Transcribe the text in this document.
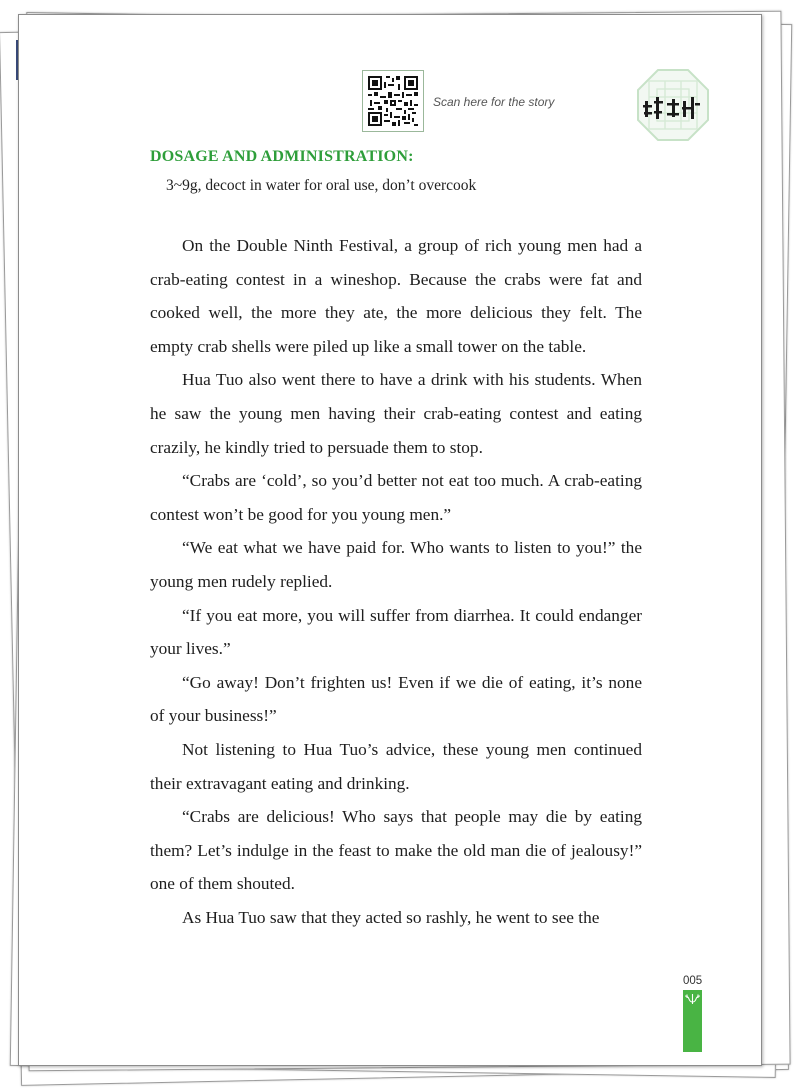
Scan here for the story
DOSAGE AND ADMINISTRATION:
3~9g, decoct in water for oral use, don’t overcook

On the Double Ninth Festival, a group of rich young men had a crab-eating contest in a wineshop. Because the crabs were fat and cooked well, the more they ate, the more delicious they felt. The empty crab shells were piled up like a small tower on the table.

Hua Tuo also went there to have a drink with his students. When he saw the young men having their crab-eating contest and eating crazily, he kindly tried to persuade them to stop.

“Crabs are ‘cold’, so you’d better not eat too much. A crab-eating contest won’t be good for you young men.”

“We eat what we have paid for. Who wants to listen to you!” the young men rudely replied.

“If you eat more, you will suffer from diarrhea. It could endanger your lives.”

“Go away! Don’t frighten us! Even if we die of eating, it’s none of your business!”

Not listening to Hua Tuo’s advice, these young men continued their extravagant eating and drinking.

“Crabs are delicious! Who says that people may die by eating them? Let’s indulge in the feast to make the old man die of jealousy!” one of them shouted.

As Hua Tuo saw that they acted so rashly, he went to see the

005
